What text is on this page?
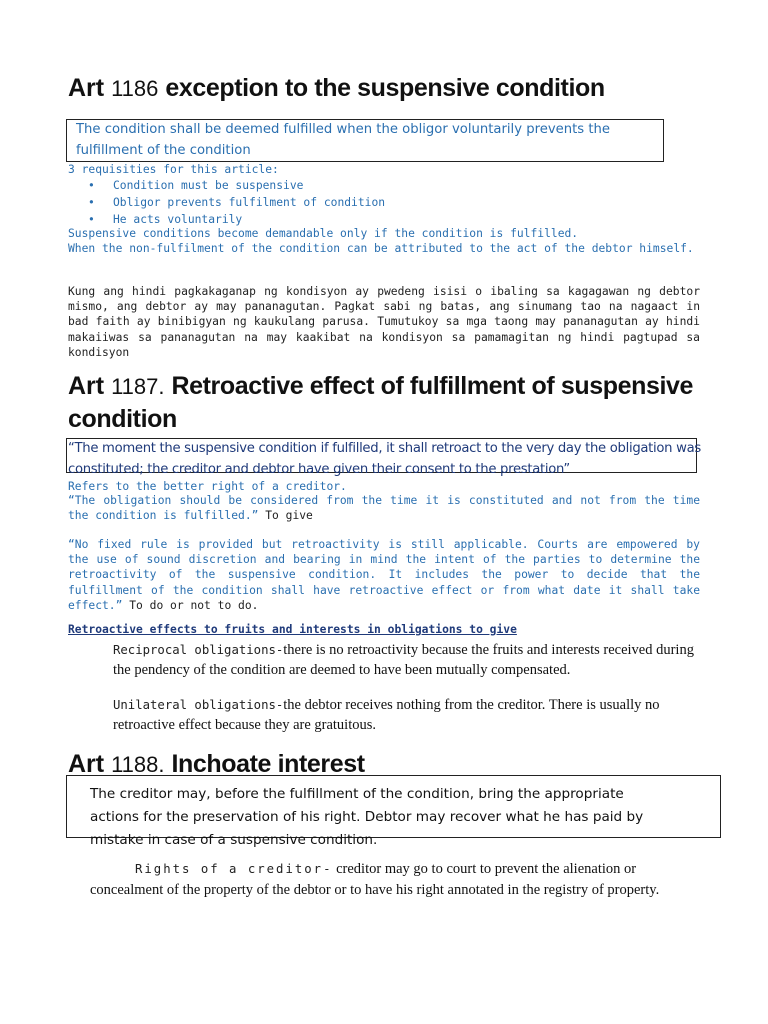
Art 1186 exception to the suspensive condition

The condition shall be deemed fulfilled when the obligor voluntarily prevents the fulfillment of the condition

3 requisities for this article:

• Condition must be suspensive
• Obligor prevents fulfilment of condition
• He acts voluntarily

Suspensive conditions become demandable only if the condition is fulfilled.

When the non-fulfilment of the condition can be attributed to the act of the debtor himself.

Kung ang hindi pagkakaganap ng kondisyon ay pwedeng isisi o ibaling sa kagagawan ng debtor mismo, ang debtor ay may pananagutan. Pagkat sabi ng batas, ang sinumang tao na nagaact in bad faith ay binibigyan ng kaukulang parusa. Tumutukoy sa mga taong may pananagutan ay hindi makaiiwas sa pananagutan na may kaakibat na kondisyon sa pamamagitan ng hindi pagtupad sa kondisyon

Art 1187. Retroactive effect of fulfillment of suspensive
condition

“The moment the suspensive condition if fulfilled, it shall retroact to the very day the obligation was constituted; the creditor and debtor have given their consent to the prestation”

Refers to the better right of a creditor.

“The obligation should be considered from the time it is constituted and not from the time the condition is fulfilled.” To give

“No fixed rule is provided but retroactivity is still applicable. Courts are empowered by the use of sound discretion and bearing in mind the intent of the parties to determine the retroactivity of the suspensive condition. It includes the power to decide that the fulfillment of the condition shall have retroactive effect or from what date it shall take effect.” To do or not to do.

Retroactive effects to fruits and interests in obligations to give

Reciprocal obligations-there is no retroactivity because the fruits and interests received during the pendency of the condition are deemed to have been mutually compensated.

Unilateral obligations-the debtor receives nothing from the creditor. There is usually no retroactive effect because they are gratuitous.

Art 1188. Inchoate interest

The creditor may, before the fulfillment of the condition, bring the appropriate actions for the preservation of his right. Debtor may recover what he has paid by mistake in case of a suspensive condition.

Rights of a creditor- creditor may go to court to prevent the alienation or concealment of the property of the debtor or to have his right annotated in the registry of property.
